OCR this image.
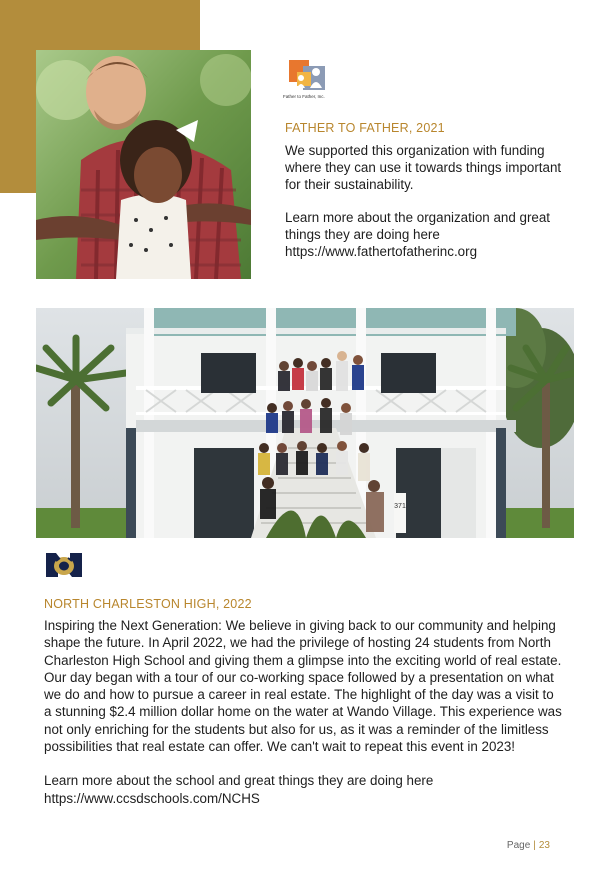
Father to Father, Inc.
FATHER TO FATHER, 2021

We supported this organization with funding where they can use it towards things important for their sustainability.

Learn more about the organization and great things they are doing here
https://www.fathertofatherinc.org

371
NORTH CHARLESTON HIGH, 2022

Inspiring the Next Generation: We believe in giving back to our community and helping shape the future. In April 2022, we had the privilege of hosting 24 students from North Charleston High School and giving them a glimpse into the exciting world of real estate. Our day began with a tour of our co-working space followed by a presentation on what we do and how to pursue a career in real estate. The highlight of the day was a visit to a stunning $2.4 million dollar home on the water at Wando Village. This experience was not only enriching for the students but also for us, as it was a reminder of the limitless possibilities that real estate can offer. We can't wait to repeat this event in 2023!

Learn more about the school and great things they are doing here
https://www.ccsdschools.com/NCHS

Page | 23
